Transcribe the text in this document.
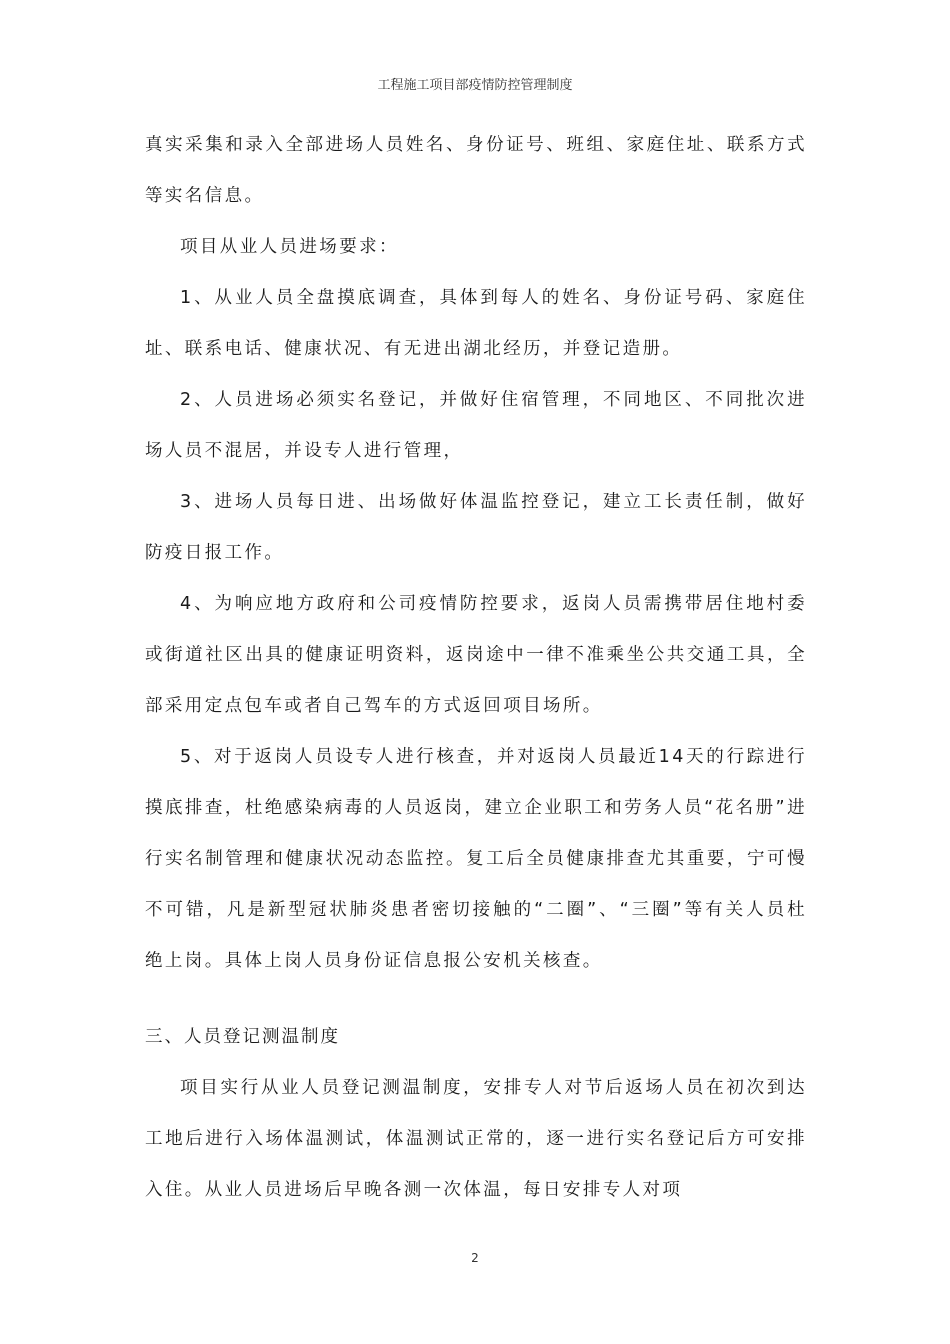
工程施工项目部疫情防控管理制度

真实采集和录入全部进场人员姓名、身份证号、班组、家庭住址、联系方式等实名信息。

项目从业人员进场要求：

1、从业人员全盘摸底调查，具体到每人的姓名、身份证号码、家庭住址、联系电话、健康状况、有无进出湖北经历，并登记造册。

2、人员进场必须实名登记，并做好住宿管理，不同地区、不同批次进场人员不混居，并设专人进行管理，

3、进场人员每日进、出场做好体温监控登记，建立工长责任制，做好防疫日报工作。

4、为响应地方政府和公司疫情防控要求，返岗人员需携带居住地村委或街道社区出具的健康证明资料，返岗途中一律不准乘坐公共交通工具，全部采用定点包车或者自己驾车的方式返回项目场所。

5、对于返岗人员设专人进行核查，并对返岗人员最近14天的行踪进行摸底排查，杜绝感染病毒的人员返岗，建立企业职工和劳务人员“花名册”进行实名制管理和健康状况动态监控。复工后全员健康排查尤其重要，宁可慢不可错，凡是新型冠状肺炎患者密切接触的“二圈”、“三圈”等有关人员杜绝上岗。具体上岗人员身份证信息报公安机关核查。

三、人员登记测温制度

项目实行从业人员登记测温制度，安排专人对节后返场人员在初次到达工地后进行入场体温测试，体温测试正常的，逐一进行实名登记后方可安排入住。从业人员进场后早晚各测一次体温，每日安排专人对项

2
